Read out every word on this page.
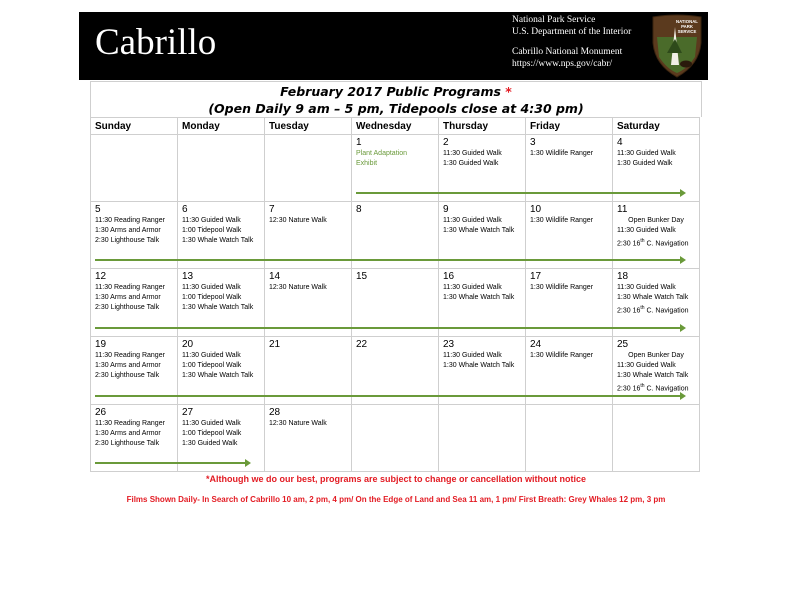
Cabrillo
National Park Service
U.S. Department of the Interior
Cabrillo National Monument
https://www.nps.gov/cabr/
NATIONAL
PARK
SERVICE
February 2017 Public Programs *
(Open Daily 9 am – 5 pm, Tidepools close at 4:30 pm)
Sunday	Monday	Tuesday	Wednesday	Thursday	Friday	Saturday

			1
Plant Adaptation
Exhibit	2
11:30 Guided Walk
1:30 Guided Walk	3
1:30 Wildlife Ranger	4
11:30 Guided Walk
1:30 Guided Walk

5
11:30 Reading Ranger
1:30 Arms and Armor
2:30 Lighthouse Talk	6
11:30 Guided Walk
1:00 Tidepool Walk
1:30 Whale Watch Talk	7
12:30 Nature Walk	8	9
11:30 Guided Walk
1:30 Whale Watch Talk	10
1:30 Wildlife Ranger	11
Open Bunker Day
11:30 Guided Walk
2:30 16th C. Navigation

12
11:30 Reading Ranger
1:30 Arms and Armor
2:30 Lighthouse Talk	13
11:30 Guided Walk
1:00 Tidepool Walk
1:30 Whale Watch Talk	14
12:30 Nature Walk	15	16
11:30 Guided Walk
1:30 Whale Watch Talk	17
1:30 Wildlife Ranger	18
11:30 Guided Walk
1:30 Whale Watch Talk
2:30 16th C. Navigation

19
11:30 Reading Ranger
1:30 Arms and Armor
2:30 Lighthouse Talk	20
11:30 Guided Walk
1:00 Tidepool Walk
1:30 Whale Watch Talk	21	22	23
11:30 Guided Walk
1:30 Whale Watch Talk	24
1:30 Wildlife Ranger	25
Open Bunker Day
11:30 Guided Walk
1:30 Whale Watch Talk
2:30 16th C. Navigation

26
11:30 Reading Ranger
1:30 Arms and Armor
2:30 Lighthouse Talk	27
11:30 Guided Walk
1:00 Tidepool Walk
1:30 Guided Walk	28
12:30 Nature Walk				

*Although we do our best, programs are subject to change or cancellation without notice
Films Shown Daily- In Search of Cabrillo 10 am, 2 pm, 4 pm/ On the Edge of Land and Sea 11 am, 1 pm/ First Breath: Grey Whales 12 pm, 3 pm
